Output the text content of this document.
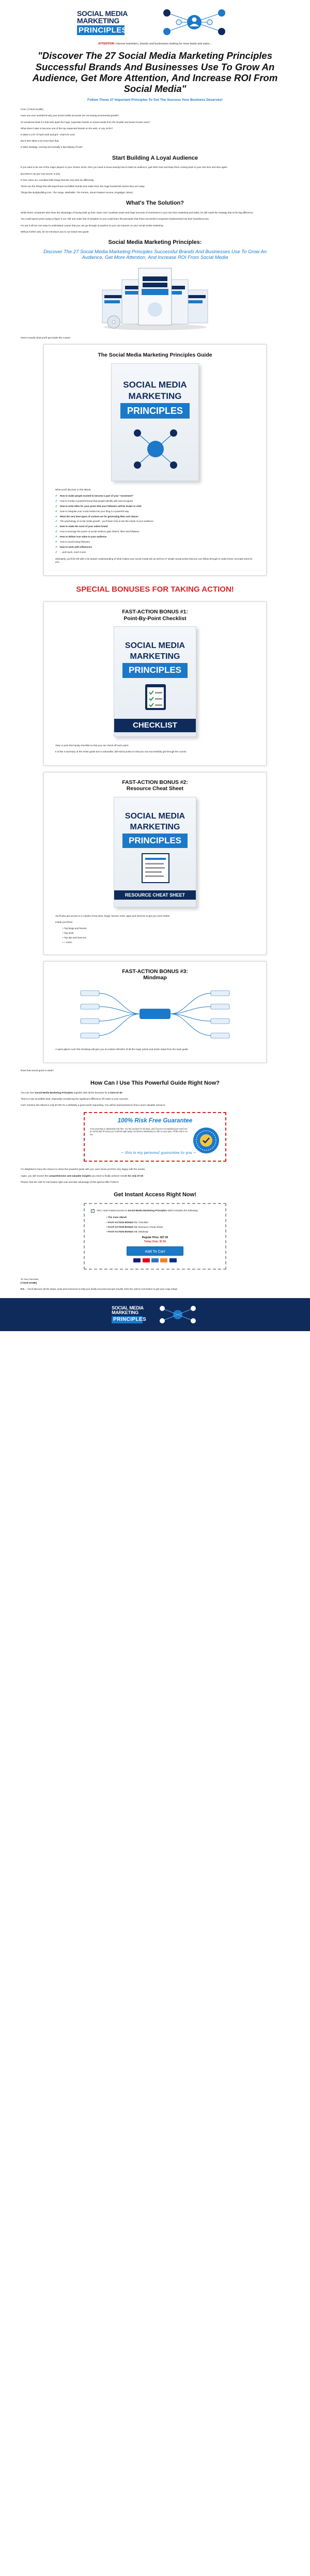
SOCIAL MEDIA
MARKETING
PRINCIPLES
ATTENTION: Internet marketers, brands and businesses looking for more leads and sales...
"Discover The 27 Social Media Marketing Principles Successful Brands And Businesses Use To Grow An Audience, Get More Attention, And Increase ROI From Social Media"
Follow These 27 Important Principles To Get The Success Your Business Deserves!

From: [YOUR NAME]

Have you ever wondered why your social media accounts are not seeing incremental growth?

Or wondered what it is that sets apart the huge, superstar brands on social media from the smaller and lesser known ones?

What does it take to become one of the top respected brands on the web, or any niche?

It takes a LOT of hard work and grit – that's for sure.

But it also takes a lot more than that.

It takes strategy, cunning and actually a big helping of luck!

Start Building A Loyal Audience

If you want to be one of the major players in your chosen niche, then you need to know exactly how to build an audience, gain their trust and keep them coming back to your site time and time again.

But there's not just 'one secret' to this.

In fact, there are countless little things that the very best do differently.

These are the things that will sepal those incredible brands and make them the huge household names they are today.

Things like Bodybuilding.com, The Verge, Mashable, Tim Ferriss, Smart Passive Income, Engadget, Wired…

What's The Solution?

While these companies also have the advantage of having built up their name over countless years and huge amounts of investment in your into their marketing and sales, it's still made the strategy that is the big difference.

You could spend years trying to figure it out. Tell and make lots of mistakes so you could learn the principles that these successful companies implemented into their brand/success.

For put it all into one easy-to-understand course that you can go through at anytime so you can improve on your social media marketing.

Without further ado, let me introduce you to our brand new guide:

Social Media Marketing Principles:
Discover The 27 Social Media Marketing Principles Successful Brands And Businesses Use To Grow An Audience, Get More Attention, And Increase ROI From Social Media

Here's exactly what you'll get inside this course:

The Social Media Marketing Principles Guide
SOCIAL MEDIA
MARKETING
PRINCIPLES

What you'll discover in this eBook:

✔	How to make people excited to become a part of your "movement"
✔	How to Create a powerful brand that people identify with and recognize
✔	How to write titles for your posts that your followers will be drawn to click
✔	How to integrate your social media into your blog in a powerful way
✔	What the very best types of content are for generating likes and shares
✔	The psychology of social media growth - you'll learn how to win the minds of your audience
✔	How to make the most of your online brand
✔	How to leverage the power of social media to gain shares, likes and followers
✔	How to deliver true value to your audience
✔	How to avoid losing followers
✔	How to work with influencers
✔	…and much, much more!

Ultimately, you'll be left with a far deeper understanding of what makes your social media tick as well as 27 simple actual points that you can follow through to make those concepts work for you.

SPECIAL BONUSES FOR TAKING ACTION!
FAST-ACTION BONUS #1:
Point-By-Point Checklist
SOCIAL MEDIA
MARKETING
PRINCIPLES
CHECKLIST

View or print this handy checklist so that you can check off each point.

It is like a summary of the entire guide but in actionable, bite-sized points so that you can successfully get through the course.

FAST-ACTION BONUS #2:
Resource Cheat Sheet
SOCIAL MEDIA
MARKETING
PRINCIPLES
RESOURCE CHEAT SHEET

You'll also get access to a rolodex of top sites, blogs, forums, tools, apps and services to get you even further

Inside you'll find:

• Top blogs and forums
• Top tools
• Top tips and how-to's
• + more!
FAST-ACTION BONUS #3:
Mindmap

A quick glance over this mindmap will give you an instant refresher of all the major points and action steps from the main guide.

Does that sound good or what?

How Can I Use This Powerful Guide Right Now?

You can own Social Media Marketing Principles together with all the bonuses for a mere $7.00

That is a has incredible deal, especially considering the significant difference it'll make to your success.

Can't mention this eBook is only $7.00! It's a definitely a good worth requesting. You will be hard-pressed to find a more valuable resource.

100% Risk Free Guarantee
Your purchase is absolutely risk free. Try the product for 30 days, and if you're not satisfied just send me an email and I'll send you a refund right away. So there's absolutely no risk on your part. All the risk is on me.
~ this is my personal guarantee to you ~

I'm delighted to have the chance to share this powerful guide with you, and I know you'll be very happy with the results.

Again, you will receive the comprehensive and valuable insights you need to finally achieve results for only $7.00

Please click the Add To Cart button right now and take advantage of this special offer TODAY!

Get Instant Access Right Now!
✓
Yes! I want instant access to Social Media Marketing Principles which includes the following:
• The main eBook
• FAST-ACTION BONUS #1: Checklist
• FAST-ACTION BONUS #2: Resource Cheat Sheet
• FAST-ACTION BONUS #3: Mindmap
Regular Price: $27.00
Today Only: $7.00
Add To Cart

To Your Success,

[YOUR NAME]

P.S. – You'll discover all the steps, tools and resources to help you finally succeed and get results! Click the Add to Cart button to get your copy today!

SOCIAL MEDIA
MARKETING
PRINCIPLES
